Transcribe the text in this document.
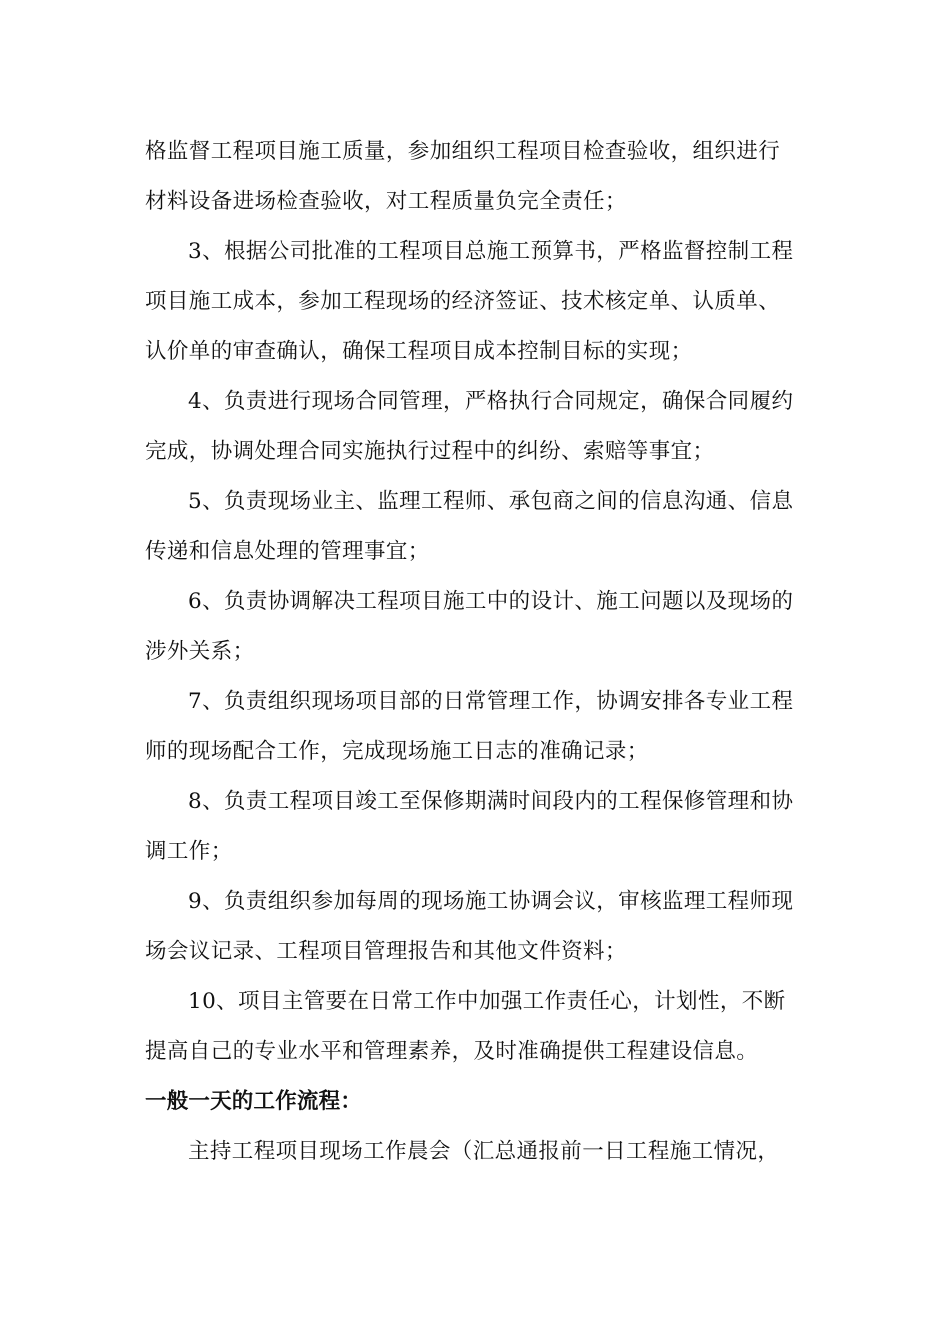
格监督工程项目施工质量，参加组织工程项目检查验收，组织进行
材料设备进场检查验收，对工程质量负完全责任；
3、根据公司批准的工程项目总施工预算书，严格监督控制工程
项目施工成本，参加工程现场的经济签证、技术核定单、认质单、
认价单的审查确认，确保工程项目成本控制目标的实现；
4、负责进行现场合同管理，严格执行合同规定，确保合同履约
完成，协调处理合同实施执行过程中的纠纷、索赔等事宜；
5、负责现场业主、监理工程师、承包商之间的信息沟通、信息
传递和信息处理的管理事宜；
6、负责协调解决工程项目施工中的设计、施工问题以及现场的
涉外关系；
7、负责组织现场项目部的日常管理工作，协调安排各专业工程
师的现场配合工作，完成现场施工日志的准确记录；
8、负责工程项目竣工至保修期满时间段内的工程保修管理和协
调工作；
9、负责组织参加每周的现场施工协调会议，审核监理工程师现
场会议记录、工程项目管理报告和其他文件资料；
10、项目主管要在日常工作中加强工作责任心，计划性，不断
提高自己的专业水平和管理素养，及时准确提供工程建设信息。
一般一天的工作流程：
主持工程项目现场工作晨会（汇总通报前一日工程施工情况，
